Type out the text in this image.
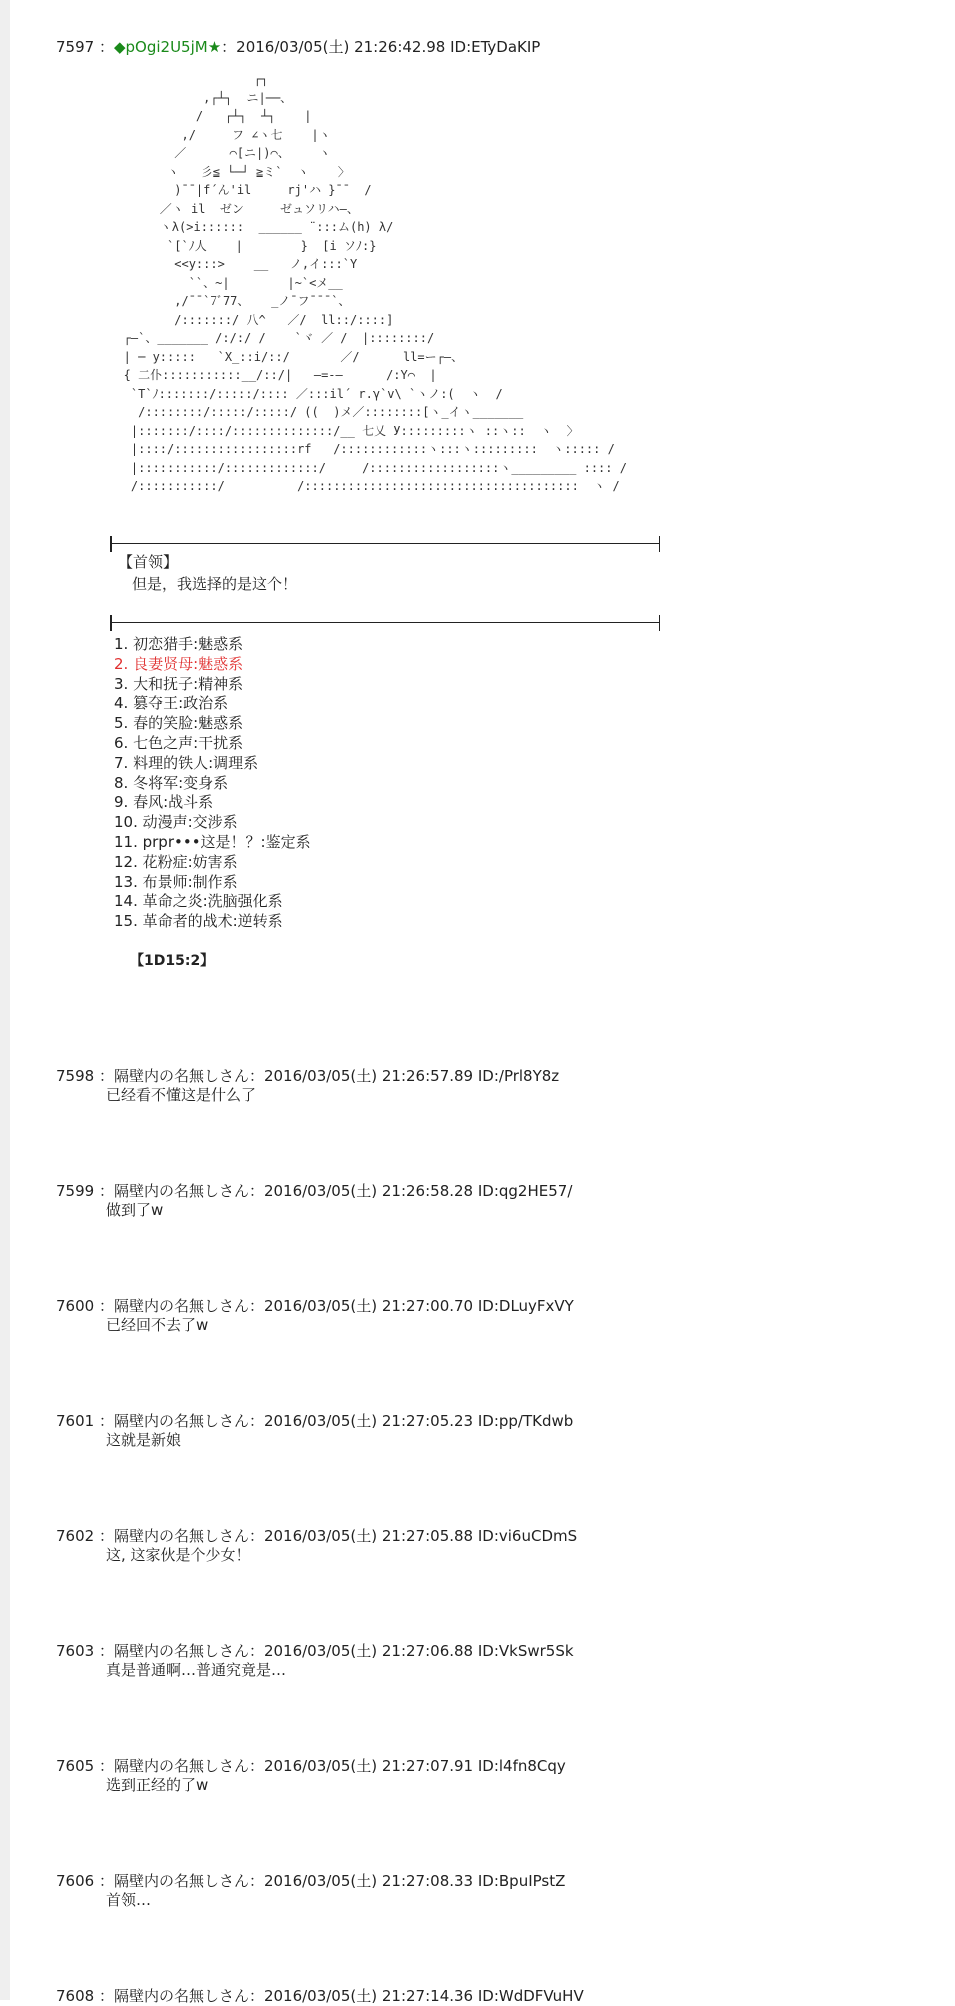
7597 ：◆pOgi2U5jM★：2016/03/05(土) 21:26:42.98 ID:ETyDaKIP
┌┐
,┌┴┐  ニ|──、
/   ┌┴┐  ┴┐    |
,/     フ ∠ヽ七    |ヽ
／      ⌒[ニ|)⌒、    ヽ
ヽ   彡≦ └─┘ ≧ミ`  ヽ    〉
)¯¯|f´ん'il     rj'ハ }¯¯  /
／ヽ il  ゼン     ゼュソリハ―、
ヽλ(>i::::::  ______ ¨:::ム(h) λ/
`[`ﾉ人    |        }  [i ソﾉ:}
<<y:::>    __   ノ,イ:::`Y
``、~|        |~`<メ__
,/¯¯`7ﾞ77、   _ノ¯フ¯¯¯`、
/:::::::/ 八^   ／/  ll::/::::]
┌―`、_______ /:/:/ /    `ヾ ／ /  |::::::::/
| ─ y:::::   `X_::i/::/       ／/      ll=ー┌―、
{ 二仆:::::::::::__/::/|   ―=-―      /:Y⌒  |
`T`ﾉ:::::::/:::::/:::: ／:::il´ r.γ`v\ `ヽノ:(  ヽ  /
/::::::::/:::::/:::::/ ((  )メ／::::::::[ヽ_イヽ_______
|:::::::/::::/::::::::::::::/__ 七乂 У:::::::::ヽ ::ヽ::  ヽ  〉
|::::/:::::::::::::::::rf   /::::::::::::ヽ:::ヽ:::::::::  ヽ::::: /
|:::::::::::/:::::::::::::/     /::::::::::::::::::ヽ_________ :::: /
/:::::::::::/          /::::::::::::::::::::::::::::::::::::::  ヽ /
【首领】
但是，我选择的是这个！
1. 初恋猎手:魅惑系
2. 良妻贤母:魅惑系
3. 大和抚子:精神系
4. 篡夺王:政治系
5. 春的笑脸:魅惑系
6. 七色之声:干扰系
7. 料理的铁人:调理系
8. 冬将军:变身系
9. 春风:战斗系
10. 动漫声:交涉系
11. prpr•••这是！？:鉴定系
12. 花粉症:妨害系
13. 布景师:制作系
14. 革命之炎:洗脑强化系
15. 革命者的战术:逆转系
【1D15:2】
7598 ：隔壁内の名無しさん：2016/03/05(土) 21:26:57.89 ID:/Prl8Y8z
已经看不懂这是什么了
7599 ：隔壁内の名無しさん：2016/03/05(土) 21:26:58.28 ID:qg2HE57/
做到了w
7600 ：隔壁内の名無しさん：2016/03/05(土) 21:27:00.70 ID:DLuyFxVY
已经回不去了w
7601 ：隔壁内の名無しさん：2016/03/05(土) 21:27:05.23 ID:pp/TKdwb
这就是新娘
7602 ：隔壁内の名無しさん：2016/03/05(土) 21:27:05.88 ID:vi6uCDmS
这, 这家伙是个少女！
7603 ：隔壁内の名無しさん：2016/03/05(土) 21:27:06.88 ID:VkSwr5Sk
真是普通啊…普通究竟是…
7605 ：隔壁内の名無しさん：2016/03/05(土) 21:27:07.91 ID:l4fn8Cqy
选到正经的了w
7606 ：隔壁内の名無しさん：2016/03/05(土) 21:27:08.33 ID:BpuIPstZ
首领…
7608 ：隔壁内の名無しさん：2016/03/05(土) 21:27:14.36 ID:WdDFVuHV
